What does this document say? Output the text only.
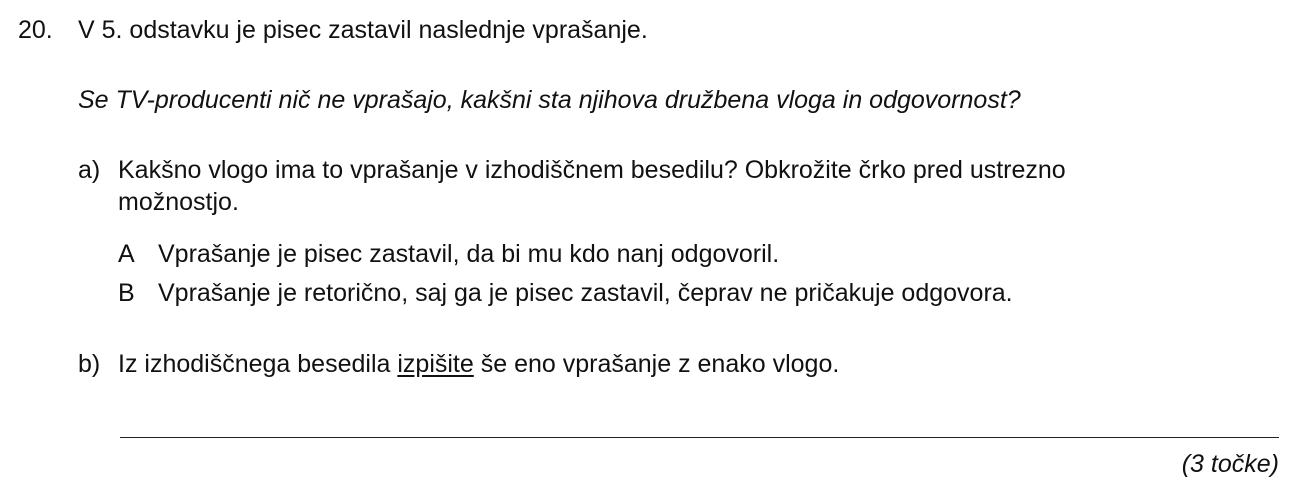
20. V 5. odstavku je pisec zastavil naslednje vprašanje.
Se TV-producenti nič ne vprašajo, kakšni sta njihova družbena vloga in odgovornost?
a) Kakšno vlogo ima to vprašanje v izhodiščnem besedilu? Obkrožite črko pred ustrezno
možnostjo.
A Vprašanje je pisec zastavil, da bi mu kdo nanj odgovoril.
B Vprašanje je retorično, saj ga je pisec zastavil, čeprav ne pričakuje odgovora.
b) Iz izhodiščnega besedila izpišite še eno vprašanje z enako vlogo.
(3 točke)
